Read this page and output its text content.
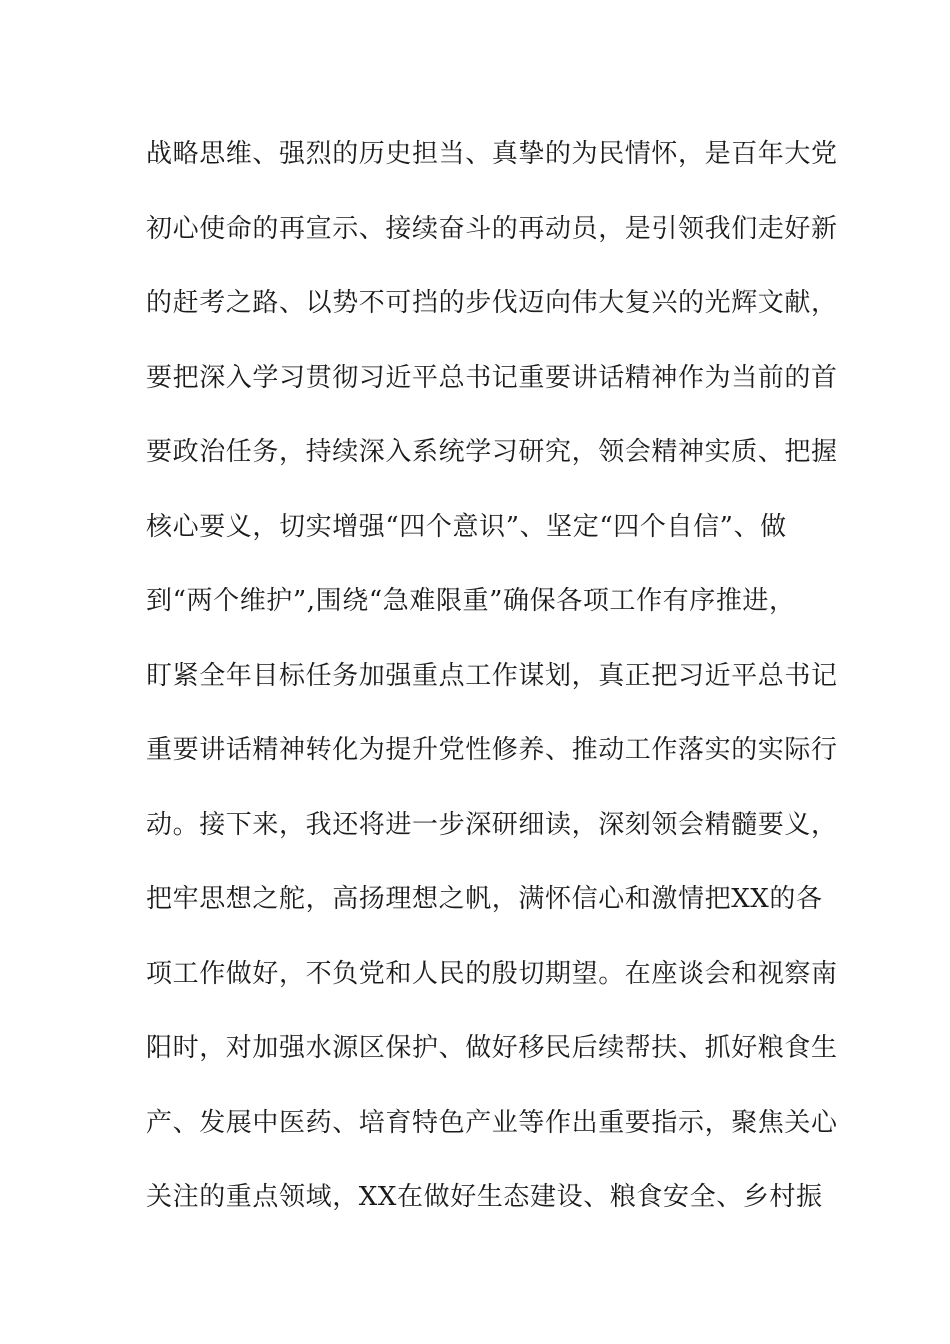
战略思维、强烈的历史担当、真挚的为民情怀，是百年大党
初心使命的再宣示、接续奋斗的再动员，是引领我们走好新
的赶考之路、以势不可挡的步伐迈向伟大复兴的光辉文献，
要把深入学习贯彻习近平总书记重要讲话精神作为当前的首
要政治任务，持续深入系统学习研究，领会精神实质、把握
核心要义，切实增强“四个意识”、坚定“四个自信”、做
到“两个维护”,围绕“急难限重”确保各项工作有序推进，
盯紧全年目标任务加强重点工作谋划，真正把习近平总书记
重要讲话精神转化为提升党性修养、推动工作落实的实际行
动。接下来，我还将进一步深研细读，深刻领会精髓要义，
把牢思想之舵，高扬理想之帆，满怀信心和激情把XX的各
项工作做好，不负党和人民的殷切期望。在座谈会和视察南
阳时，对加强水源区保护、做好移民后续帮扶、抓好粮食生
产、发展中医药、培育特色产业等作出重要指示，聚焦关心
关注的重点领域，XX在做好生态建设、粮食安全、乡村振
